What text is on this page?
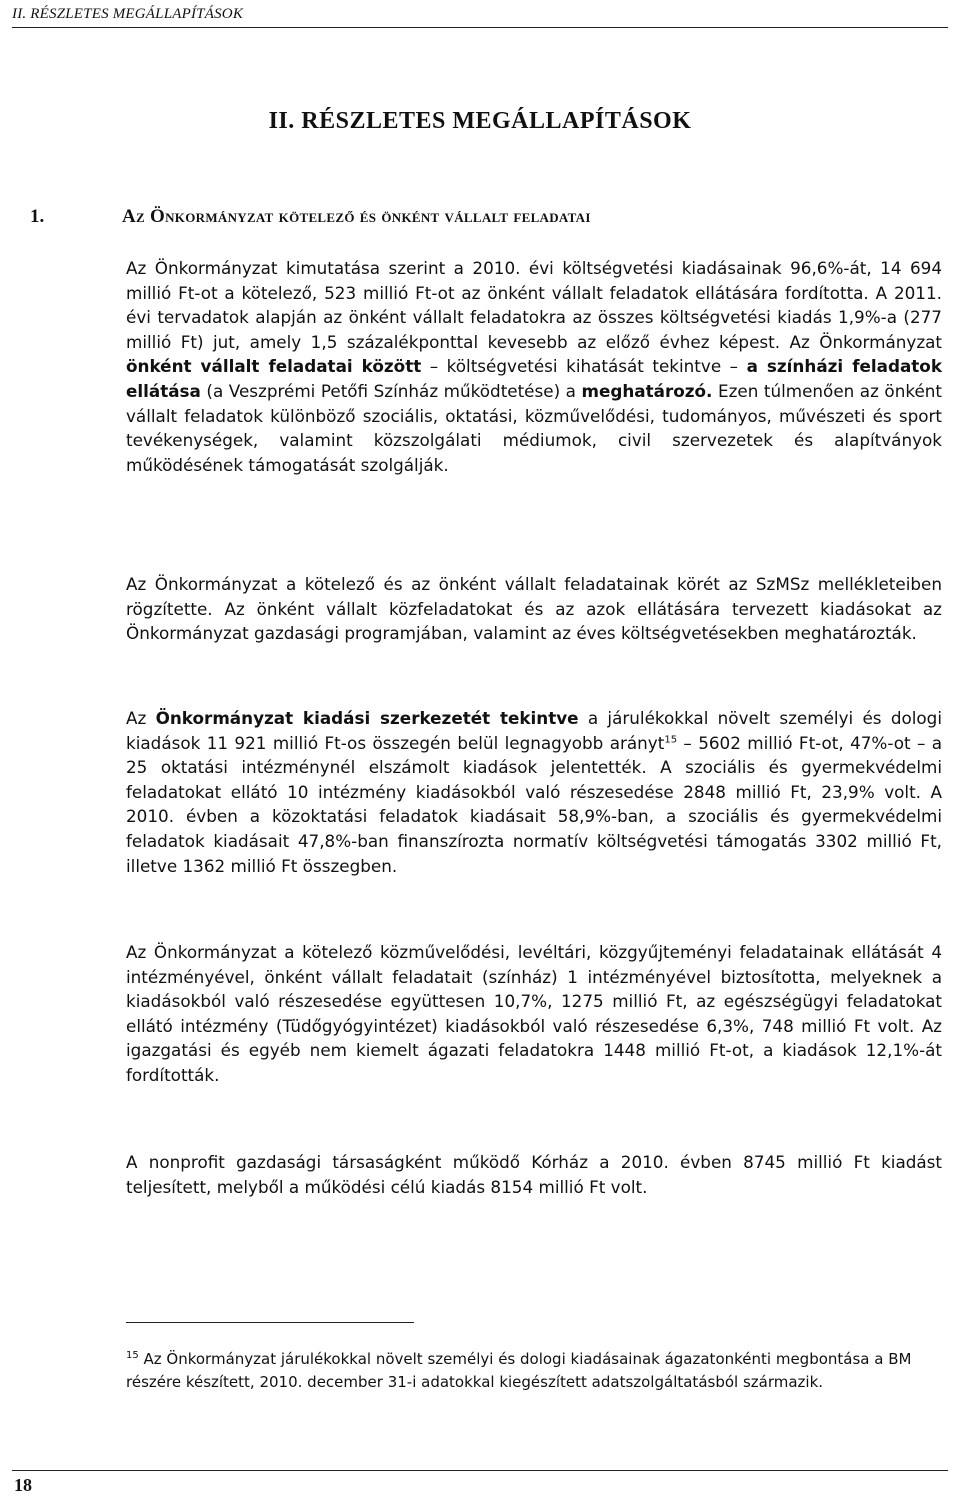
II. RÉSZLETES MEGÁLLAPÍTÁSOK
II. RÉSZLETES MEGÁLLAPÍTÁSOK
1.	Az Önkormányzat kötelező és önként vállalt feladatai

Az Önkormányzat kimutatása szerint a 2010. évi költségvetési kiadásainak 96,6%-át, 14 694 millió Ft-ot a kötelező, 523 millió Ft-ot az önként vállalt feladatok ellátására fordította. A 2011. évi tervadatok alapján az önként vállalt feladatokra az összes költségvetési kiadás 1,9%-a (277 millió Ft) jut, amely 1,5 százalékponttal kevesebb az előző évhez képest. Az Önkormányzat önként vállalt feladatai között – költségvetési kihatását tekintve – a színházi feladatok ellátása (a Veszprémi Petőfi Színház működtetése) a meghatározó. Ezen túlmenően az önként vállalt feladatok különböző szociális, oktatási, közművelődési, tudományos, művészeti és sport tevékenységek, valamint közszolgálati médiumok, civil szervezetek és alapítványok működésének támogatását szolgálják.

Az Önkormányzat a kötelező és az önként vállalt feladatainak körét az SzMSz mellékleteiben rögzítette. Az önként vállalt közfeladatokat és az azok ellátására tervezett kiadásokat az Önkormányzat gazdasági programjában, valamint az éves költségvetésekben meghatározták.

Az Önkormányzat kiadási szerkezetét tekintve a járulékokkal növelt személyi és dologi kiadások 11 921 millió Ft-os összegén belül legnagyobb arányt$^{15}$ – 5602 millió Ft-ot, 47%-ot – a 25 oktatási intézménynél elszámolt kiadások jelentették. A szociális és gyermekvédelmi feladatokat ellátó 10 intézmény kiadásokból való részesedése 2848 millió Ft, 23,9% volt. A 2010. évben a közoktatási feladatok kiadásait 58,9%-ban, a szociális és gyermekvédelmi feladatok kiadásait 47,8%-ban finanszírozta normatív költségvetési támogatás 3302 millió Ft, illetve 1362 millió Ft összegben.

Az Önkormányzat a kötelező közművelődési, levéltári, közgyűjteményi feladatainak ellátását 4 intézményével, önként vállalt feladatait (színház) 1 intézményével biztosította, melyeknek a kiadásokból való részesedése együttesen 10,7%, 1275 millió Ft, az egészségügyi feladatokat ellátó intézmény (Tüdőgyógyintézet) kiadásokból való részesedése 6,3%, 748 millió Ft volt. Az igazgatási és egyéb nem kiemelt ágazati feladatokra 1448 millió Ft-ot, a kiadások 12,1%-át fordították.

A nonprofit gazdasági társaságként működő Kórház a 2010. évben 8745 millió Ft kiadást teljesített, melyből a működési célú kiadás 8154 millió Ft volt.

$^{15}$ Az Önkormányzat járulékokkal növelt személyi és dologi kiadásainak ágazatonkénti megbontása a BM részére készített, 2010. december 31-i adatokkal kiegészített adatszolgáltatásból származik.

18
